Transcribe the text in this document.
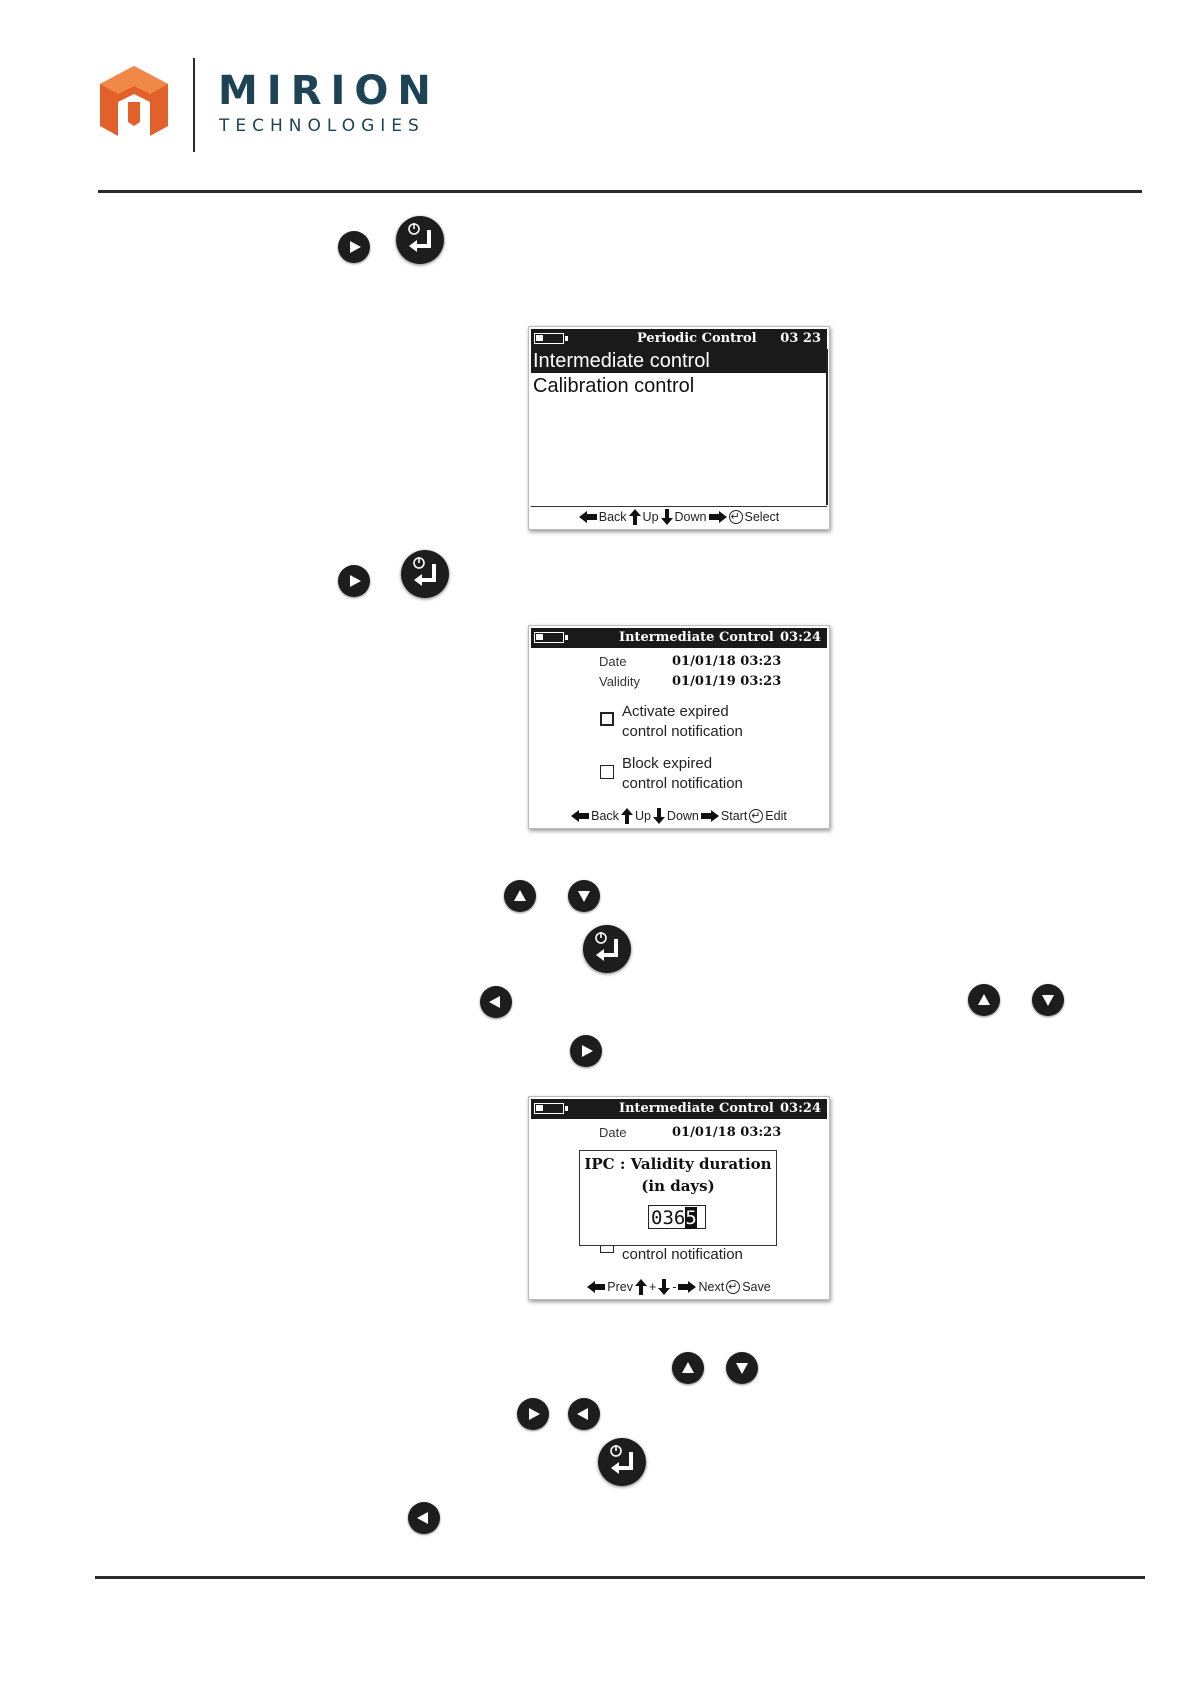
MIRION
TECHNOLOGIES
Periodic Control 03 23
Intermediate control
Calibration control
Back Up Down ↵	Select
Intermediate Control 03:24
Date	01/01/18 03:23
Validity 01/01/19 03:23
Activate expired
control notification
Block expired
control notification
Back Up Down Start ↵ Edit
Intermediate Control 03:24
Date	01/01/18 03:23
control notification
IPC : Validity duration
(in days)
0365
Prev + - Next ↵ Save
